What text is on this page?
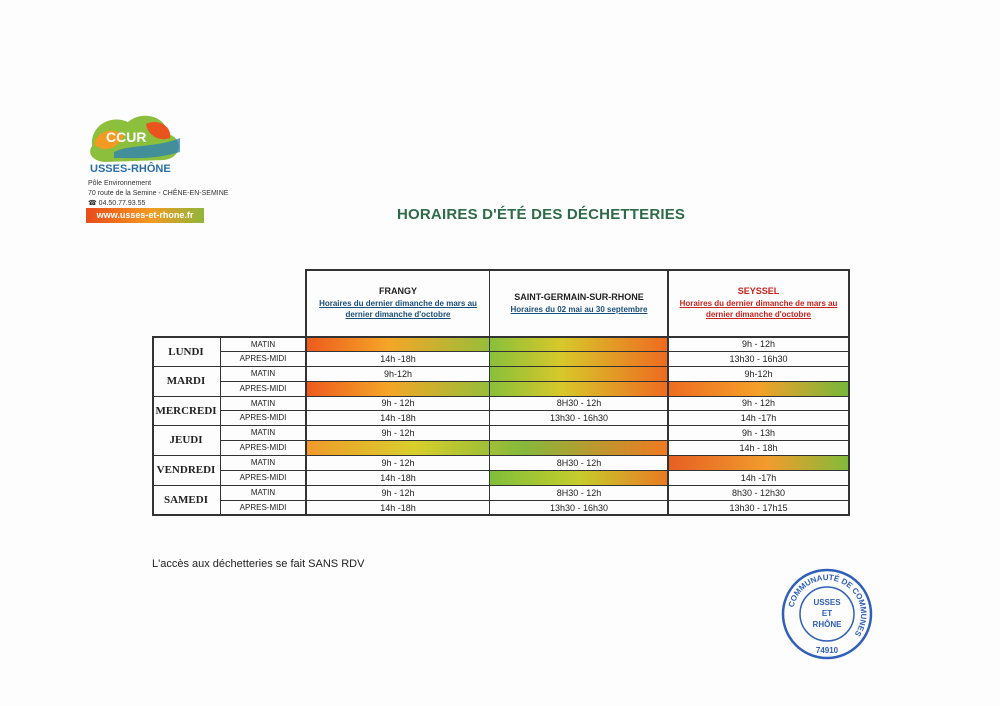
CCUR
USSES-RHÔNE
Pôle Environnement
70 route de la Semine - CHÊNE-EN-SEMINE
☎ 04.50.77.93.55
www.usses-et-rhone.fr	HORAIRES D'ÉTÉ DES DÉCHETTERIES
FRANGY
Horaires du dernier dimanche de mars au dernier dimanche d'octobre
SAINT-GERMAIN-SUR-RHONE
Horaires du 02 mai au 30 septembre
SEYSSEL
Horaires du dernier dimanche de mars au dernier dimanche d'octobre
LUNDI
MARDI
MERCREDI
JEUDI
VENDREDI
SAMEDI
MATIN
APRES-MIDI
MATIN
APRES-MIDI
MATIN
APRES-MIDI
MATIN
APRES-MIDI
MATIN
APRES-MIDI
MATIN
APRES-MIDI
14h -18h
9h-12h
9h - 12h
14h -18h
9h - 12h
9h - 12h
14h -18h
9h - 12h
14h -18h
8H30 - 12h
13h30 - 16h30
8H30 - 12h
8H30 - 12h
13h30 - 16h30
9h - 12h
13h30 - 16h30
9h-12h
9h - 12h
14h -17h
9h - 13h
14h - 18h
14h -17h
8h30 - 12h30
13h30 - 17h15
L'accès aux déchetteries se fait SANS RDV
COMMUNAUTÉ DE COMMUNES
USSES
ET
RHÔNE
74910
